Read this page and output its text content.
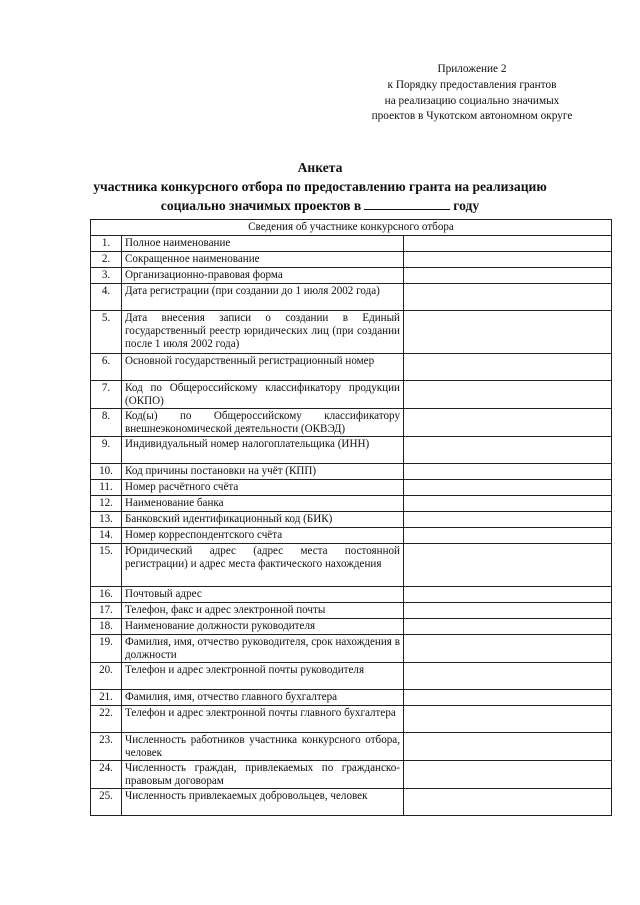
Приложение 2
к Порядку предоставления грантов
на реализацию социально значимых
проектов в Чукотском автономном округе
Анкета
участника конкурсного отбора по предоставлению гранта на реализацию
социально значимых проектов в	году
Сведения об участнике конкурсного отбора		
1.	Полное наименование	
2.	Сокращенное наименование	
3.	Организационно-правовая форма	
4.	Дата регистрации (при создании до 1 июля 2002 года)	
5.	Дата внесения записи о создании в Единый государственный реестр юридических лиц (при создании после 1 июля 2002 года)	
6.	Основной государственный регистрационный номер	
7.	Код по Общероссийскому классификатору продукции (ОКПО)	
8.	Код(ы) по Общероссийскому классификатору внешнеэкономической деятельности (ОКВЭД)	
9.	Индивидуальный номер налогоплательщика (ИНН)	
10.	Код причины постановки на учёт (КПП)	
11.	Номер расчётного счёта	
12.	Наименование банка	
13.	Банковский идентификационный код (БИК)	
14.	Номер корреспондентского счёта	
15.	Юридический адрес (адрес места постоянной регистрации) и адрес места фактического нахождения	
16.	Почтовый адрес	
17.	Телефон, факс и адрес электронной почты	
18.	Наименование должности руководителя	
19.	Фамилия, имя, отчество руководителя, срок нахождения в должности	
20.	Телефон и адрес электронной почты руководителя	
21.	Фамилия, имя, отчество главного бухгалтера	
22.	Телефон и адрес электронной почты главного бухгалтера	
23.	Численность работников участника конкурсного отбора, человек	
24.	Численность граждан, привлекаемых по гражданско-правовым договорам	
25.	Численность привлекаемых добровольцев, человек	
